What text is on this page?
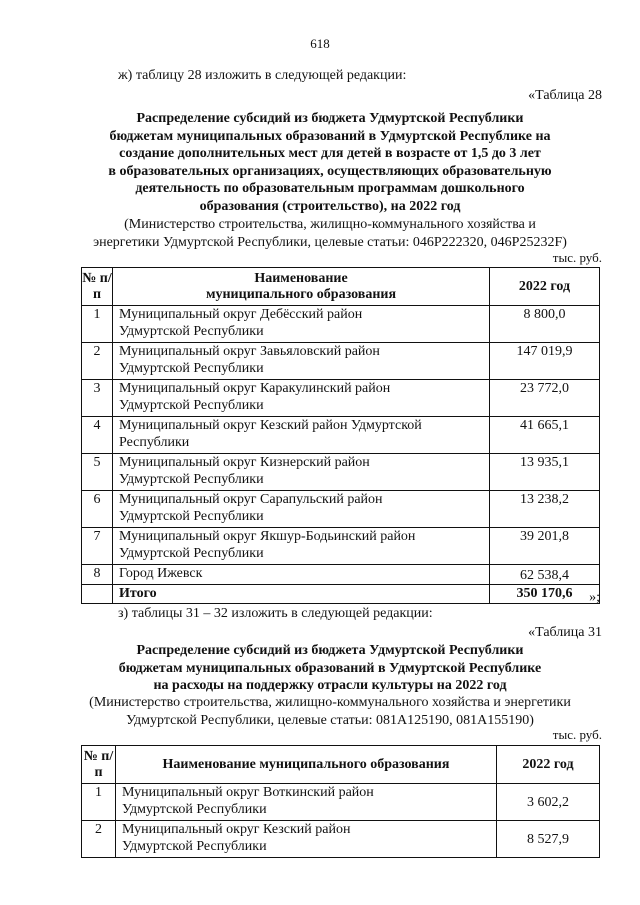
618
ж) таблицу 28 изложить в следующей редакции:
«Таблица 28
Распределение субсидий из бюджета Удмуртской Республики
бюджетам муниципальных образований в Удмуртской Республике на
создание дополнительных мест для детей в возрасте от 1,5 до 3 лет
в образовательных организациях, осуществляющих образовательную
деятельность по образовательным программам дошкольного
образования (строительство), на 2022 год
(Министерство строительства, жилищно-коммунального хозяйства и
энергетики Удмуртской Республики, целевые статьи: 046P222320, 046P25232F)
тыс. руб.
№ п/п	Наименование
муниципального образования	2022 год
1	Муниципальный округ Дебёсский район
Удмуртской Республики	8 800,0
2	Муниципальный округ Завьяловский район
Удмуртской Республики	147 019,9
3	Муниципальный округ Каракулинский район
Удмуртской Республики	23 772,0
4	Муниципальный округ Кезский район Удмуртской
Республики	41 665,1
5	Муниципальный округ Кизнерский район
Удмуртской Республики	13 935,1
6	Муниципальный округ Сарапульский район
Удмуртской Республики	13 238,2
7	Муниципальный округ Якшур-Бодьинский район
Удмуртской Республики	39 201,8
8	Город Ижевск	62 538,4
	Итого	350 170,6 »;
з) таблицы 31 – 32 изложить в следующей редакции:
«Таблица 31
Распределение субсидий из бюджета Удмуртской Республики
бюджетам муниципальных образований в Удмуртской Республике
на расходы на поддержку отрасли культуры на 2022 год
(Министерство строительства, жилищно-коммунального хозяйства и энергетики
Удмуртской Республики, целевые статьи: 081A125190, 081A155190)
тыс. руб.
№ п/п	Наименование муниципального образования	2022 год
1	Муниципальный округ Воткинский район
Удмуртской Республики	3 602,2
2	Муниципальный округ Кезский район
Удмуртской Республики	8 527,9
